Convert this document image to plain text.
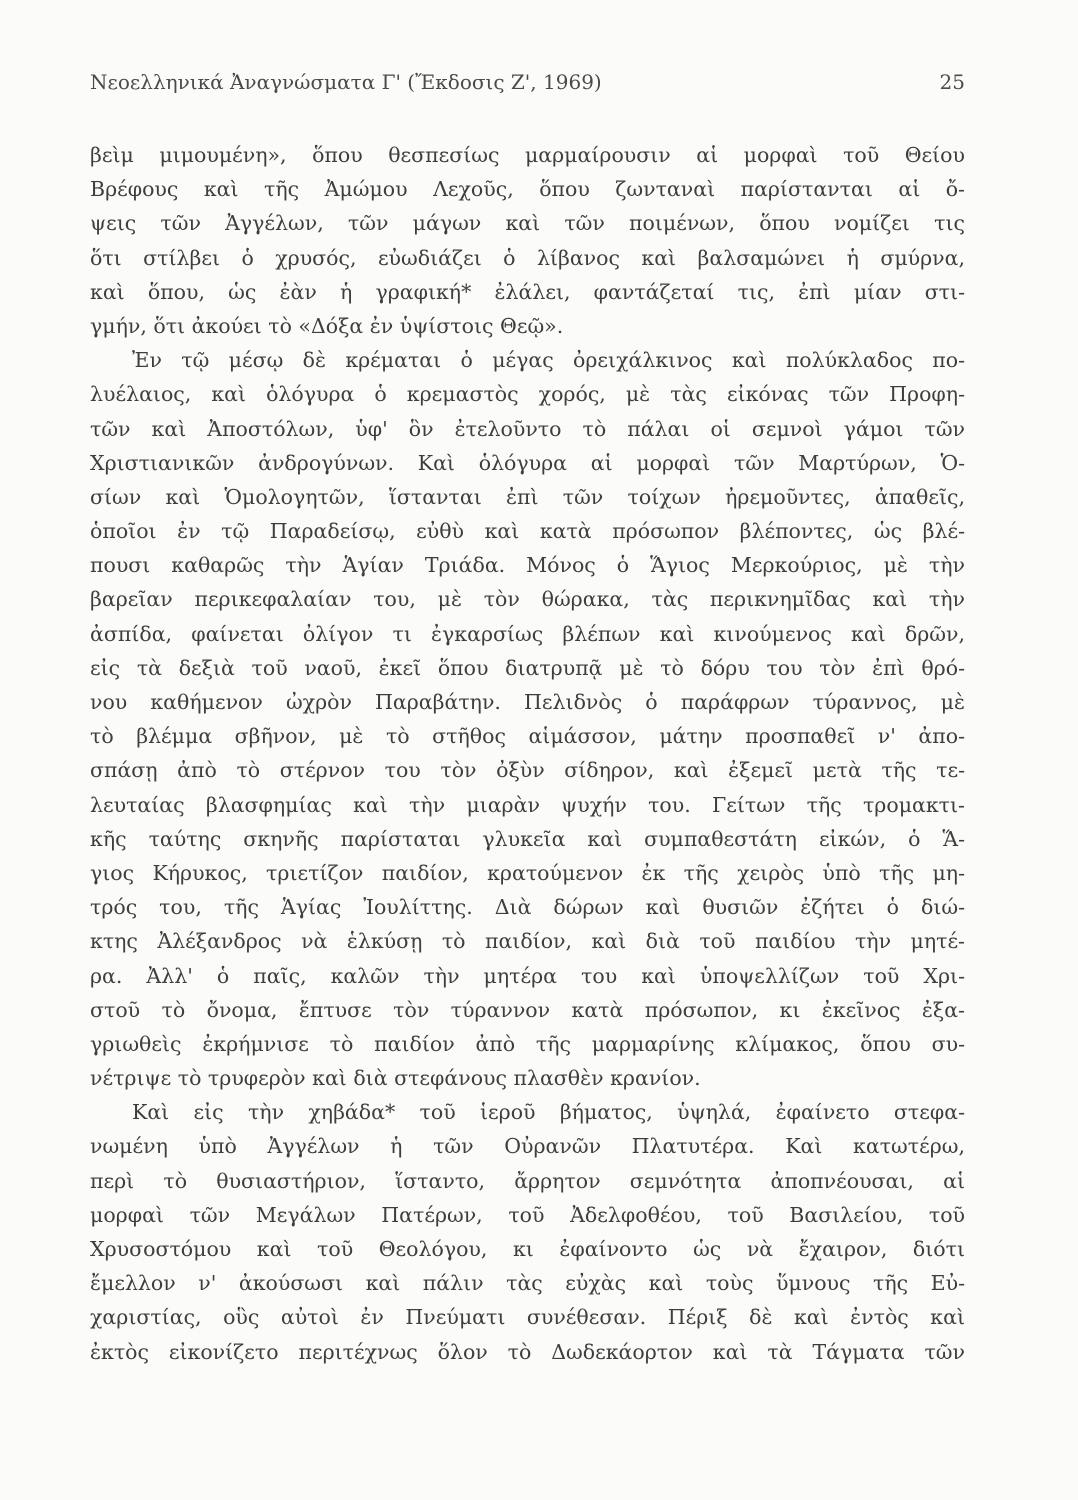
Νεοελληνικά Ἀναγνώσματα Γ' (Ἔκδοσις Ζ', 1969)	25
βεὶμ μιμουμένη», ὅπου θεσπεσίως μαρμαίρουσιν αἱ μορφαὶ τοῦ Θείου
Βρέφους καὶ τῆς Ἀμώμου Λεχοῦς, ὅπου ζωνταναὶ παρίστανται αἱ ὄ-
ψεις τῶν Ἀγγέλων, τῶν μάγων καὶ τῶν ποιμένων, ὅπου νομίζει τις
ὅτι στίλβει ὁ χρυσός, εὐωδιάζει ὁ λίβανος καὶ βαλσαμώνει ἡ σμύρνα,
καὶ ὅπου, ὡς ἐὰν ἡ γραφική* ἐλάλει, φαντάζεταί τις, ἐπὶ μίαν στι-
γμήν, ὅτι ἀκούει τὸ «Δόξα ἐν ὑψίστοις Θεῷ».
Ἐν τῷ μέσῳ δὲ κρέμαται ὁ μέγας ὀρειχάλκινος καὶ πολύκλαδος πο-
λυέλαιος, καὶ ὁλόγυρα ὁ κρεμαστὸς χορός, μὲ τὰς εἰκόνας τῶν Προφη-
τῶν καὶ Ἀποστόλων, ὑφ' ὃν ἐτελοῦντο τὸ πάλαι οἱ σεμνοὶ γάμοι τῶν
Χριστιανικῶν ἀνδρογύνων. Καὶ ὁλόγυρα αἱ μορφαὶ τῶν Μαρτύρων, Ὁ-
σίων καὶ Ὁμολογητῶν, ἵστανται ἐπὶ τῶν τοίχων ἠρεμοῦντες, ἀπαθεῖς,
ὁποῖοι ἐν τῷ Παραδείσῳ, εὐθὺ καὶ κατὰ πρόσωπον βλέποντες, ὡς βλέ-
πουσι καθαρῶς τὴν Ἁγίαν Τριάδα. Μόνος ὁ Ἅγιος Μερκούριος, μὲ τὴν
βαρεῖαν περικεφαλαίαν του, μὲ τὸν θώρακα, τὰς περικνημῖδας καὶ τὴν
ἀσπίδα, φαίνεται ὀλίγον τι ἐγκαρσίως βλέπων καὶ κινούμενος καὶ δρῶν,
εἰς τὰ δεξιὰ τοῦ ναοῦ, ἐκεῖ ὅπου διατρυπᾷ μὲ τὸ δόρυ του τὸν ἐπὶ θρό-
νου καθήμενον ὠχρὸν Παραβάτην. Πελιδνὸς ὁ παράφρων τύραννος, μὲ
τὸ βλέμμα σβῆνον, μὲ τὸ στῆθος αἱμάσσον, μάτην προσπαθεῖ ν' ἀπο-
σπάσῃ ἀπὸ τὸ στέρνον του τὸν ὀξὺν σίδηρον, καὶ ἐξεμεῖ μετὰ τῆς τε-
λευταίας βλασφημίας καὶ τὴν μιαρὰν ψυχήν του. Γείτων τῆς τρομακτι-
κῆς ταύτης σκηνῆς παρίσταται γλυκεῖα καὶ συμπαθεστάτη εἰκών, ὁ Ἅ-
γιος Κήρυκος, τριετίζον παιδίον, κρατούμενον ἐκ τῆς χειρὸς ὑπὸ τῆς μη-
τρός του, τῆς Ἁγίας Ἰουλίττης. Διὰ δώρων καὶ θυσιῶν ἐζήτει ὁ διώ-
κτης Ἀλέξανδρος νὰ ἑλκύσῃ τὸ παιδίον, καὶ διὰ τοῦ παιδίου τὴν μητέ-
ρα. Ἀλλ' ὁ παῖς, καλῶν τὴν μητέρα του καὶ ὑποψελλίζων τοῦ Χρι-
στοῦ τὸ ὄνομα, ἔπτυσε τὸν τύραννον κατὰ πρόσωπον, κι ἐκεῖνος ἐξα-
γριωθεὶς ἐκρήμνισε τὸ παιδίον ἀπὸ τῆς μαρμαρίνης κλίμακος, ὅπου συ-
νέτριψε τὸ τρυφερὸν καὶ διὰ στεφάνους πλασθὲν κρανίον.
Καὶ εἰς τὴν χηβάδα* τοῦ ἱεροῦ βήματος, ὑψηλά, ἐφαίνετο στεφα-
νωμένη ὑπὸ Ἀγγέλων ἡ τῶν Οὐρανῶν Πλατυτέρα. Καὶ κατωτέρω,
περὶ τὸ θυσιαστήριον, ἵσταντο, ἄρρητον σεμνότητα ἀποπνέουσαι, αἱ
μορφαὶ τῶν Μεγάλων Πατέρων, τοῦ Ἀδελφοθέου, τοῦ Βασιλείου, τοῦ
Χρυσοστόμου καὶ τοῦ Θεολόγου, κι ἐφαίνοντο ὡς νὰ ἔχαιρον, διότι
ἔμελλον ν' ἀκούσωσι καὶ πάλιν τὰς εὐχὰς καὶ τοὺς ὕμνους τῆς Εὐ-
χαριστίας, οὓς αὐτοὶ ἐν Πνεύματι συνέθεσαν. Πέριξ δὲ καὶ ἐντὸς καὶ
ἐκτὸς εἰκονίζετο περιτέχνως ὅλον τὸ Δωδεκάορτον καὶ τὰ Τάγματα τῶν
